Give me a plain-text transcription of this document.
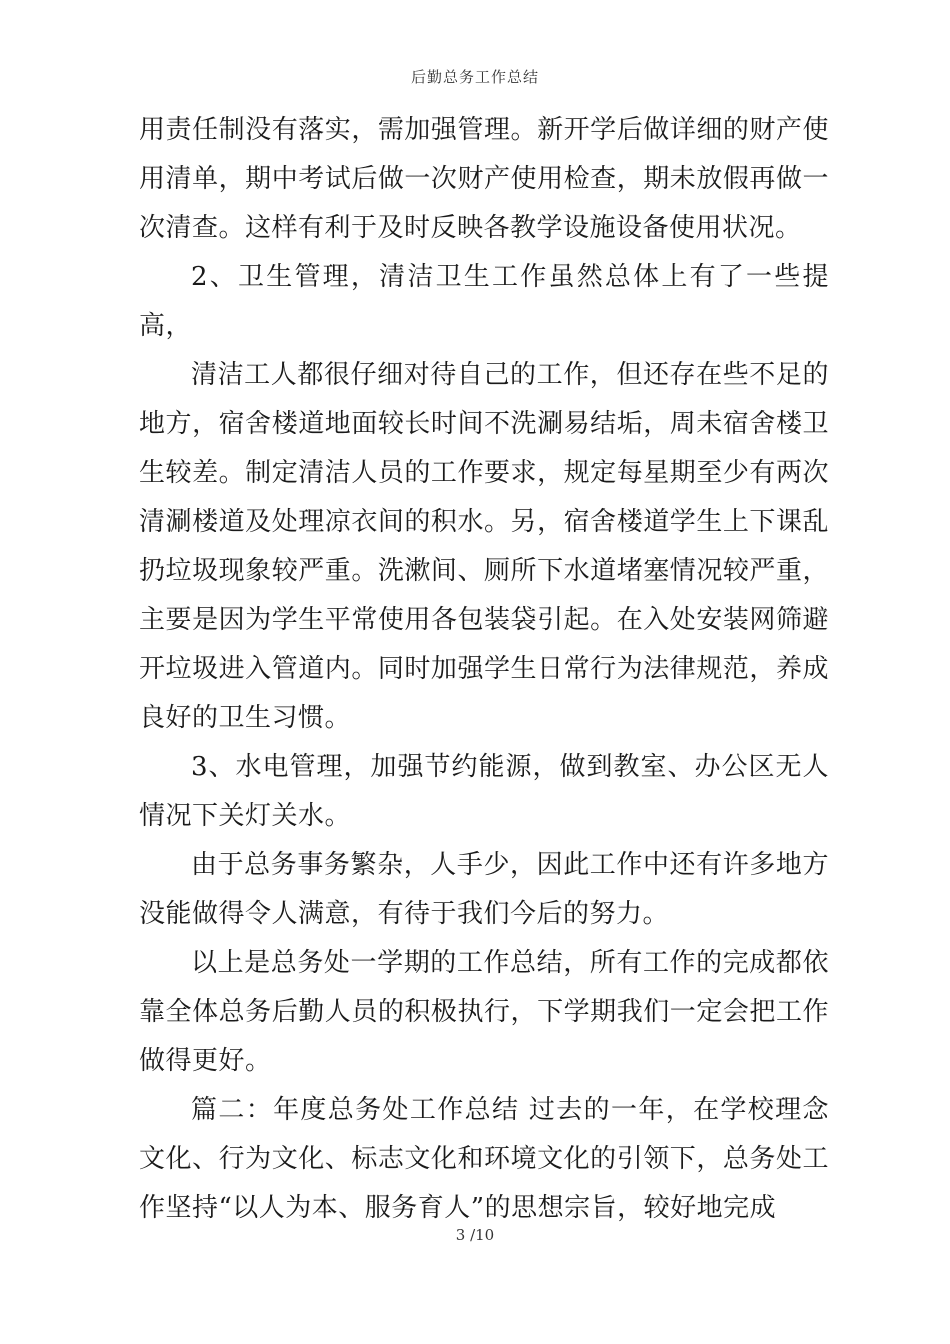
后勤总务工作总结

用责任制没有落实，需加强管理。新开学后做详细的财产使用清单，期中考试后做一次财产使用检查，期未放假再做一次清查。这样有利于及时反映各教学设施设备使用状况。

2、卫生管理，清洁卫生工作虽然总体上有了一些提高，

清洁工人都很仔细对待自己的工作，但还存在些不足的地方，宿舍楼道地面较长时间不洗涮易结垢，周未宿舍楼卫生较差。制定清洁人员的工作要求，规定每星期至少有两次清涮楼道及处理凉衣间的积水。另，宿舍楼道学生上下课乱扔垃圾现象较严重。洗漱间、厕所下水道堵塞情况较严重，主要是因为学生平常使用各包装袋引起。在入处安装网筛避开垃圾进入管道内。同时加强学生日常行为法律规范，养成良好的卫生习惯。

3、水电管理，加强节约能源，做到教室、办公区无人情况下关灯关水。

由于总务事务繁杂，人手少，因此工作中还有许多地方没能做得令人满意，有待于我们今后的努力。

以上是总务处一学期的工作总结，所有工作的完成都依靠全体总务后勤人员的积极执行，下学期我们一定会把工作做得更好。

篇二：年度总务处工作总结 过去的一年，在学校理念文化、行为文化、标志文化和环境文化的引领下，总务处工作坚持“以人为本、服务育人”的思想宗旨，较好地完成

3 /10
